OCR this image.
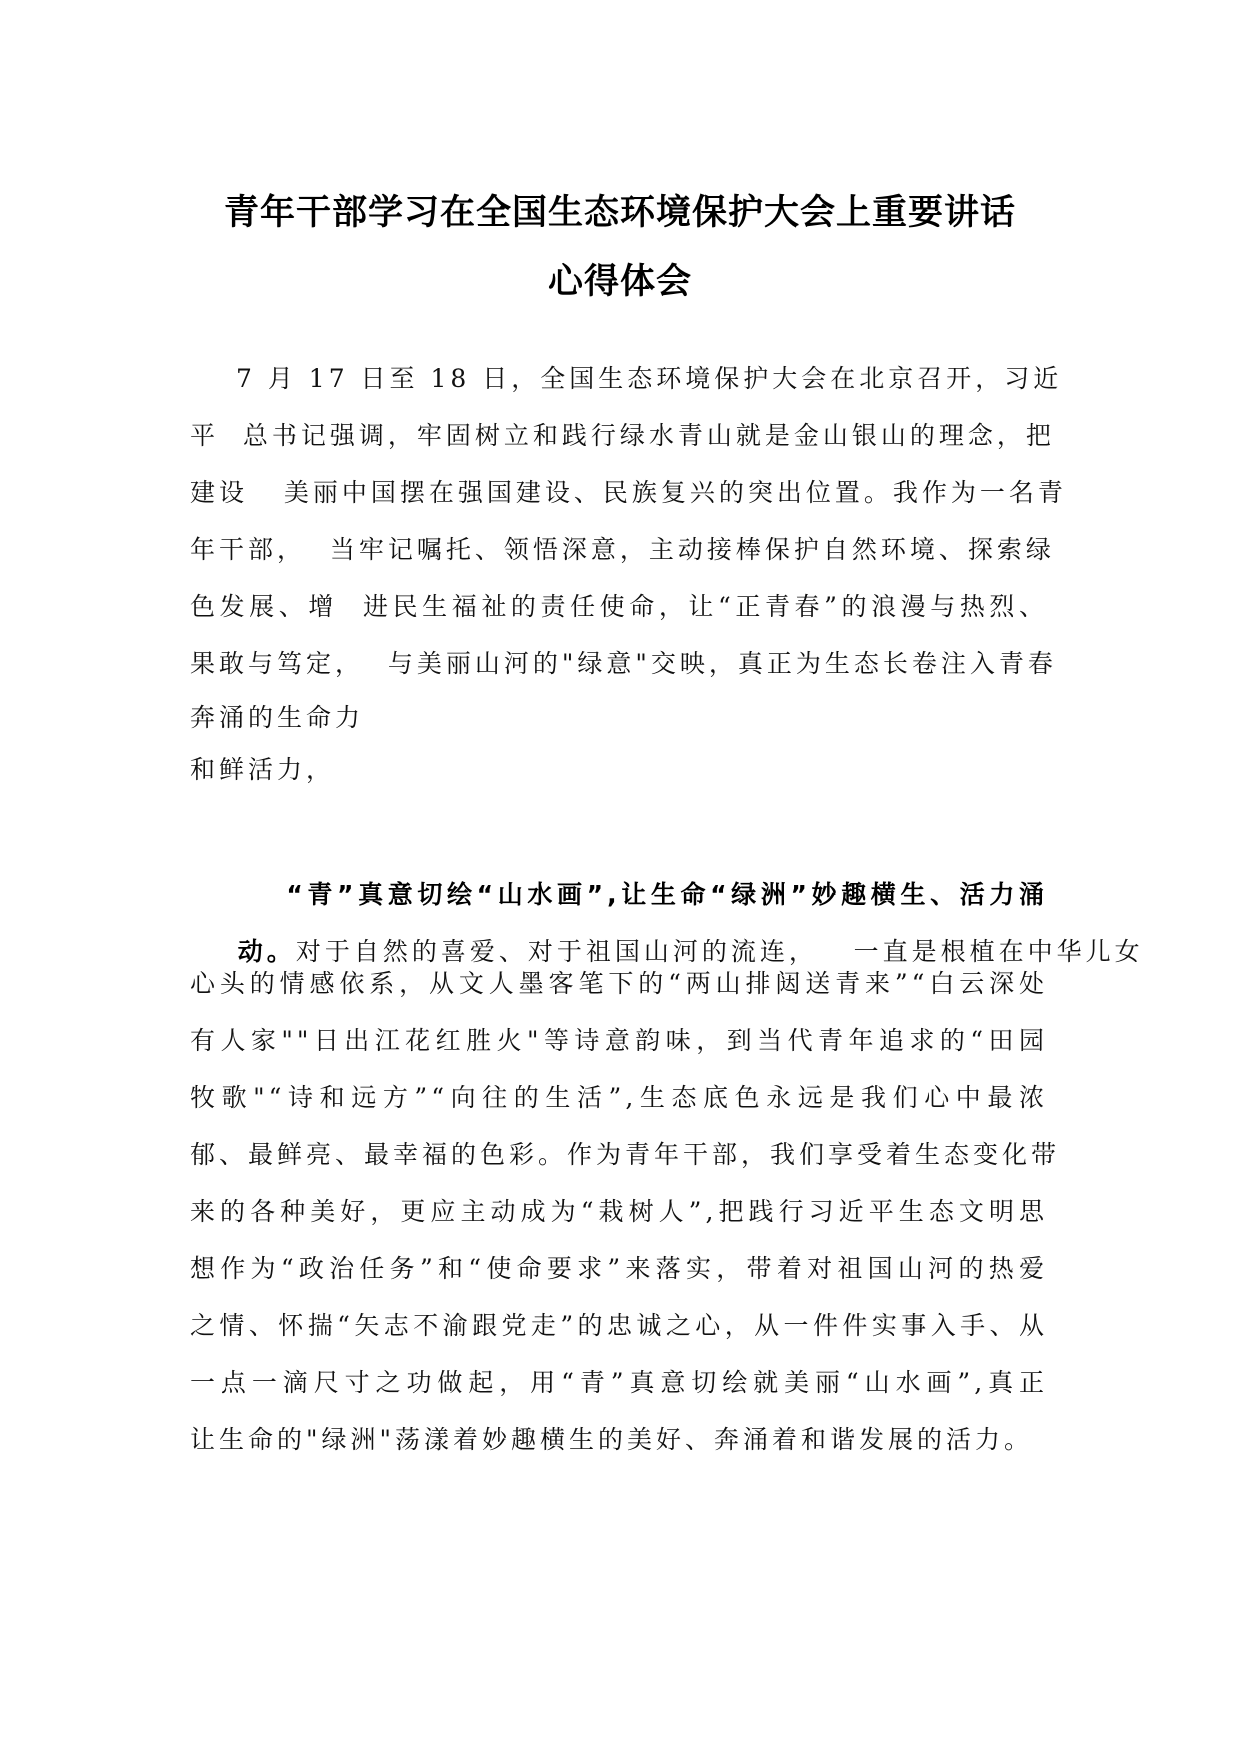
青年干部学习在全国生态环境保护大会上重要讲话
心得体会
7 月 17 日至 18 日，全国生态环境保护大会在北京召开，习近
平  总书记强调，牢固树立和践行绿水青山就是金山银山的理念，把
建设   美丽中国摆在强国建设、民族复兴的突出位置。我作为一名青
年干部，  当牢记嘱托、领悟深意，主动接棒保护自然环境、探索绿
色发展、增  进民生福祉的责任使命，让“正青春”的浪漫与热烈、
果敢与笃定，  与美丽山河的"绿意"交映，真正为生态长卷注入青春
奔涌的生命力
和鲜活力，

“青”真意切绘“山水画”,让生命“绿洲”妙趣横生、活力涌

动。对于自然的喜爱、对于祖国山河的流连，   一直是根植在中华儿女

心头的情感依系，从文人墨客笔下的“两山排闼送青来”“白云深处
有人家""日出江花红胜火"等诗意韵味，到当代青年追求的“田园
牧歌"“诗和远方”“向往的生活”,生态底色永远是我们心中最浓
郁、最鲜亮、最幸福的色彩。作为青年干部，我们享受着生态变化带
来的各种美好，更应主动成为“栽树人”,把践行习近平生态文明思
想作为“政治任务”和“使命要求”来落实，带着对祖国山河的热爱
之情、怀揣“矢志不渝跟党走”的忠诚之心，从一件件实事入手、从
一点一滴尺寸之功做起，用“青”真意切绘就美丽“山水画”,真正
让生命的"绿洲"荡漾着妙趣横生的美好、奔涌着和谐发展的活力。
